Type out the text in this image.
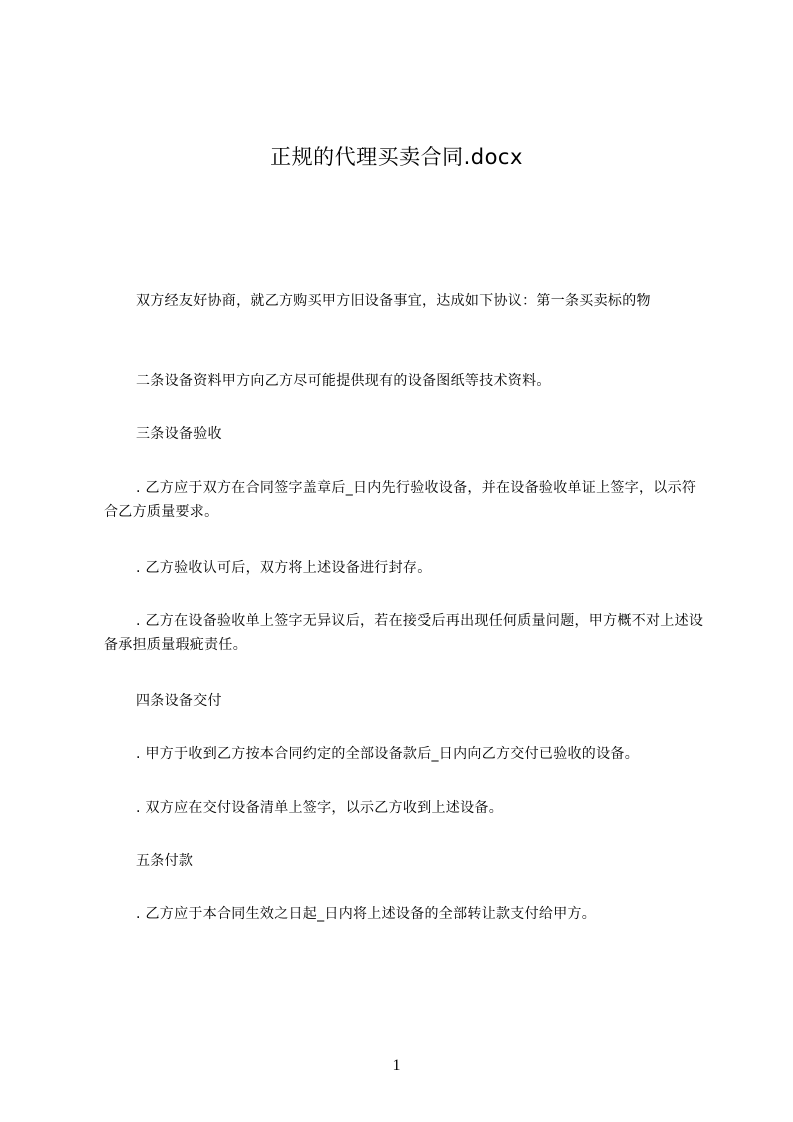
正规的代理买卖合同.docx
双方经友好协商，就乙方购买甲方旧设备事宜，达成如下协议：第一条买卖标的物
二条设备资料甲方向乙方尽可能提供现有的设备图纸等技术资料。
三条设备验收
. 乙方应于双方在合同签字盖章后_日内先行验收设备，并在设备验收单证上签字，以示符合乙方质量要求。
. 乙方验收认可后，双方将上述设备进行封存。
. 乙方在设备验收单上签字无异议后，若在接受后再出现任何质量问题，甲方概不对上述设备承担质量瑕疵责任。
四条设备交付
. 甲方于收到乙方按本合同约定的全部设备款后_日内向乙方交付已验收的设备。
. 双方应在交付设备清单上签字，以示乙方收到上述设备。
五条付款
. 乙方应于本合同生效之日起_日内将上述设备的全部转让款支付给甲方。
1
